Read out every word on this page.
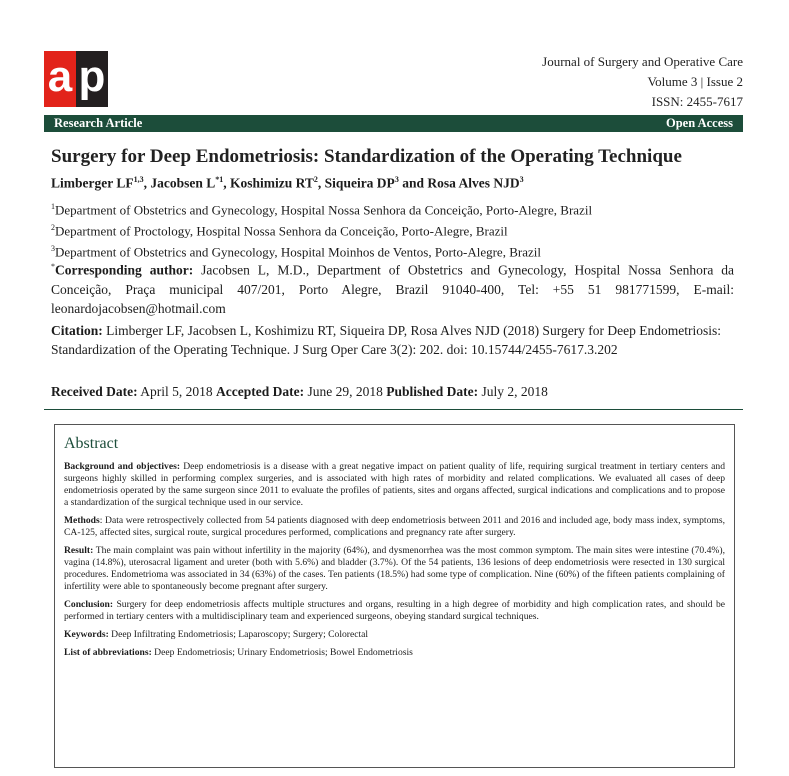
a p	Journal of Surgery and Operative Care
Volume 3 | Issue 2
ISSN: 2455-7617
Research Article	Open Access
Surgery for Deep Endometriosis: Standardization of the Operating Technique
Limberger LF$^{1,3}$, Jacobsen $L^{*1}$, Koshimizu $RT^2$, Siqueira $DP^3$ and Rosa Alves NJD$^3$
$^1$Department of Obstetrics and Gynecology, Hospital Nossa Senhora da Conceição, Porto-Alegre, Brazil
$^2$Department of Proctology, Hospital Nossa Senhora da Conceição, Porto-Alegre, Brazil
$^3$Department of Obstetrics and Gynecology, Hospital Moinhos de Ventos, Porto-Alegre, Brazil
*Corresponding author: Jacobsen L, M.D., Department of Obstetrics and Gynecology, Hospital Nossa Senhora da Conceição, Praça municipal 407/201, Porto Alegre, Brazil 91040-400, Tel: +55 51 981771599, E-mail: leonardojacobsen@hotmail.com
Citation: Limberger LF, Jacobsen L, Koshimizu RT, Siqueira DP, Rosa Alves NJD (2018) Surgery for Deep Endometriosis: Standardization of the Operating Technique. J Surg Oper Care 3(2): 202. doi: 10.15744/2455-7617.3.202
Received Date: April 5, 2018 Accepted Date: June 29, 2018 Published Date: July 2, 2018
Abstract

Background and objectives: Deep endometriosis is a disease with a great negative impact on patient quality of life, requiring surgical treatment in tertiary centers and surgeons highly skilled in performing complex surgeries, and is associated with high rates of morbidity and related complications. We evaluated all cases of deep endometriosis operated by the same surgeon since 2011 to evaluate the profiles of patients, sites and organs affected, surgical indications and complications and to propose a standardization of the surgical technique used in our service.

Methods: Data were retrospectively collected from 54 patients diagnosed with deep endometriosis between 2011 and 2016 and included age, body mass index, symptoms, CA-125, affected sites, surgical route, surgical procedures performed, complications and pregnancy rate after surgery.

Result: The main complaint was pain without infertility in the majority (64%), and dysmenorrhea was the most common symptom. The main sites were intestine (70.4%), vagina (14.8%), uterosacral ligament and ureter (both with 5.6%) and bladder (3.7%). Of the 54 patients, 136 lesions of deep endometriosis were resected in 130 surgical procedures. Endometrioma was associated in 34 (63%) of the cases. Ten patients (18.5%) had some type of complication. Nine (60%) of the fifteen patients complaining of infertility were able to spontaneously become pregnant after surgery.

Conclusion: Surgery for deep endometriosis affects multiple structures and organs, resulting in a high degree of morbidity and high complication rates, and should be performed in tertiary centers with a multidisciplinary team and experienced surgeons, obeying standard surgical techniques.

Keywords: Deep Infiltrating Endometriosis; Laparoscopy; Surgery; Colorectal

List of abbreviations: Deep Endometriosis; Urinary Endometriosis; Bowel Endometriosis
